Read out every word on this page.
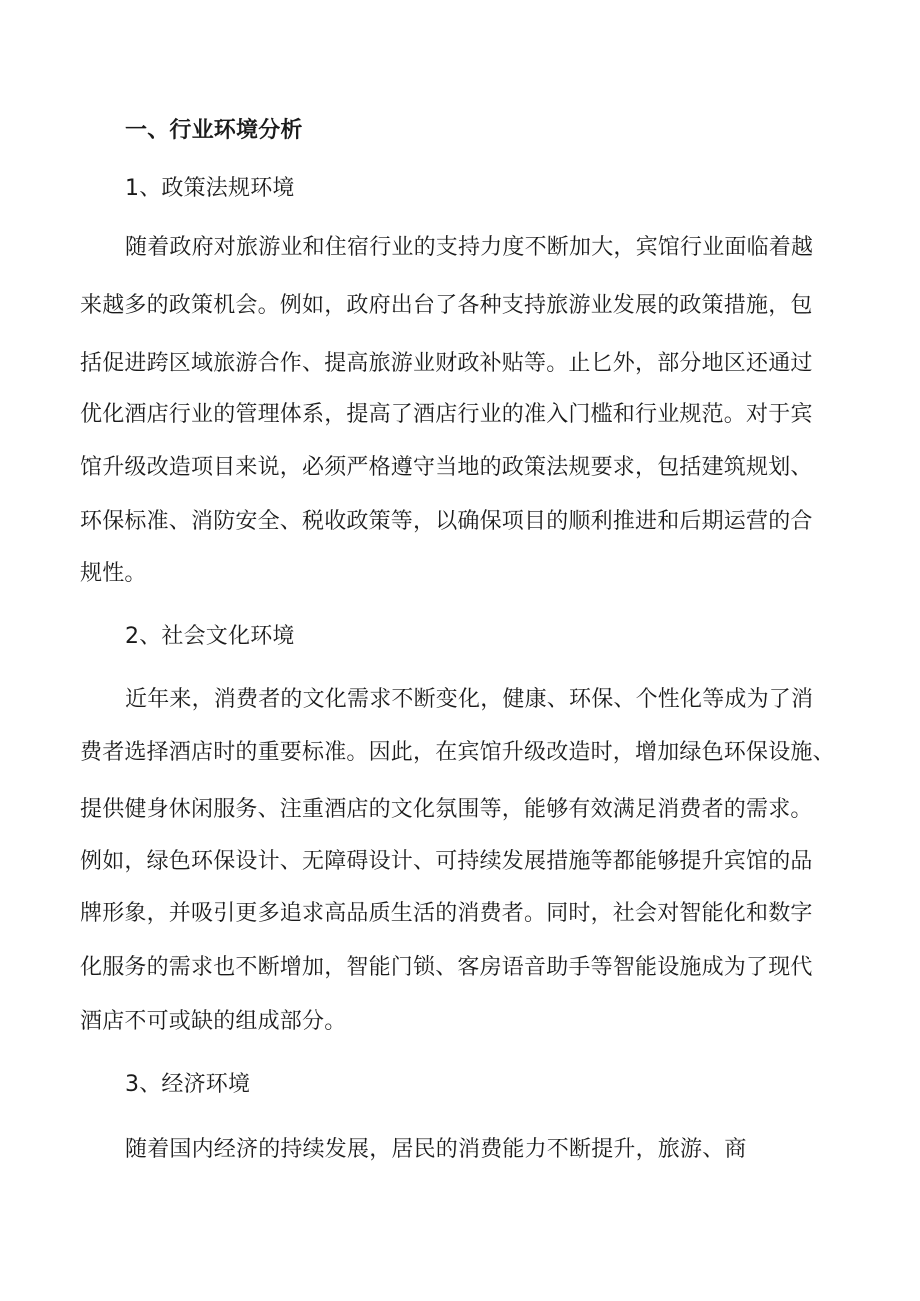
一、行业环境分析
1、政策法规环境
随着政府对旅游业和住宿行业的支持力度不断加大，宾馆行业面临着越
来越多的政策机会。例如，政府出台了各种支持旅游业发展的政策措施，包
括促进跨区域旅游合作、提高旅游业财政补贴等。止匕外，部分地区还通过
优化酒店行业的管理体系，提高了酒店行业的准入门槛和行业规范。对于宾
馆升级改造项目来说，必须严格遵守当地的政策法规要求，包括建筑规划、
环保标准、消防安全、税收政策等，以确保项目的顺利推进和后期运营的合
规性。
2、社会文化环境
近年来，消费者的文化需求不断变化，健康、环保、个性化等成为了消
费者选择酒店时的重要标准。因此，在宾馆升级改造时，增加绿色环保设施、
提供健身休闲服务、注重酒店的文化氛围等，能够有效满足消费者的需求。
例如，绿色环保设计、无障碍设计、可持续发展措施等都能够提升宾馆的品
牌形象，并吸引更多追求高品质生活的消费者。同时，社会对智能化和数字
化服务的需求也不断增加，智能门锁、客房语音助手等智能设施成为了现代
酒店不可或缺的组成部分。
3、经济环境
随着国内经济的持续发展，居民的消费能力不断提升，旅游、商
